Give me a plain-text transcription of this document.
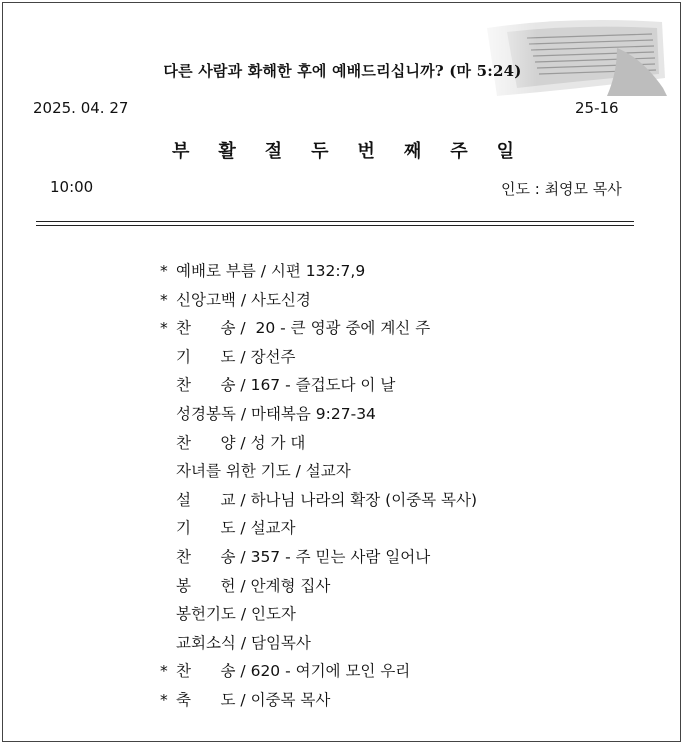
다른 사람과 화해한 후에 예배드리십니까? (마 5:24)
2025. 04. 27	25-16
부활절두번째주일
10:00	인도 : 최영모 목사
* 예배로 부름 / 시편 132:7,9
* 신앙고백 / 사도신경
* 찬      송 /  20 - 큰 영광 중에 계신 주
기      도 / 장선주
찬      송 / 167 - 즐겁도다 이 날
성경봉독 / 마태복음 9:27-34
찬      양 / 성 가 대
자녀를 위한 기도 / 설교자
설      교 / 하나님 나라의 확장 (이중목 목사)
기      도 / 설교자
찬      송 / 357 - 주 믿는 사람 일어나
봉      헌 / 안계형 집사
봉헌기도 / 인도자
교회소식 / 담임목사
* 찬      송 / 620 - 여기에 모인 우리
* 축      도 / 이중목 목사
